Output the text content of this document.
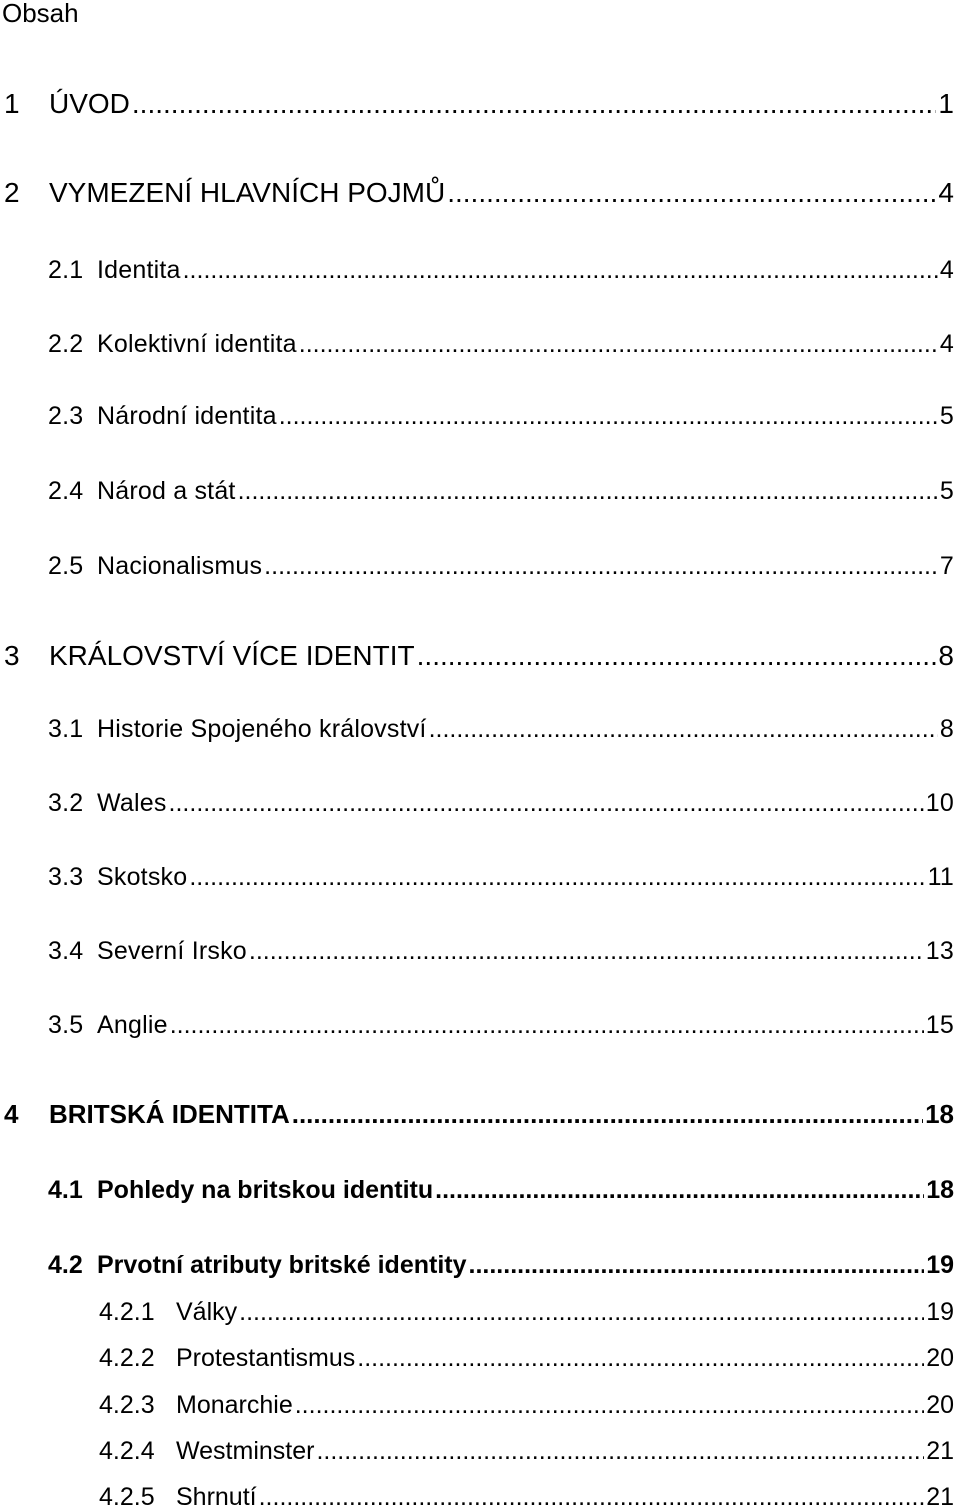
Obsah
1	ÚVOD .....	1
2	VYMEZENÍ HLAVNÍCH POJMŮ .....	4
2.1 Identita .....	4
2.2 Kolektivní identita .....	4
2.3 Národní identita .....	5
2.4 Národ a stát .....	5
2.5 Nacionalismus .....	7
3	KRÁLOVSTVÍ VÍCE IDENTIT .....	8
3.1 Historie Spojeného království .....	8
3.2 Wales .....	10
3.3 Skotsko .....	11
3.4 Severní Irsko .....	13
3.5 Anglie .....	15
4	BRITSKÁ IDENTITA .....	18
4.1 Pohledy na britskou identitu .....	18
4.2 Prvotní atributy britské identity .....	19
4.2.1 Války .....	19
4.2.2 Protestantismus .....	20
4.2.3 Monarchie .....	20
4.2.4 Westminster .....	21
4.2.5 Shrnutí .....	21
